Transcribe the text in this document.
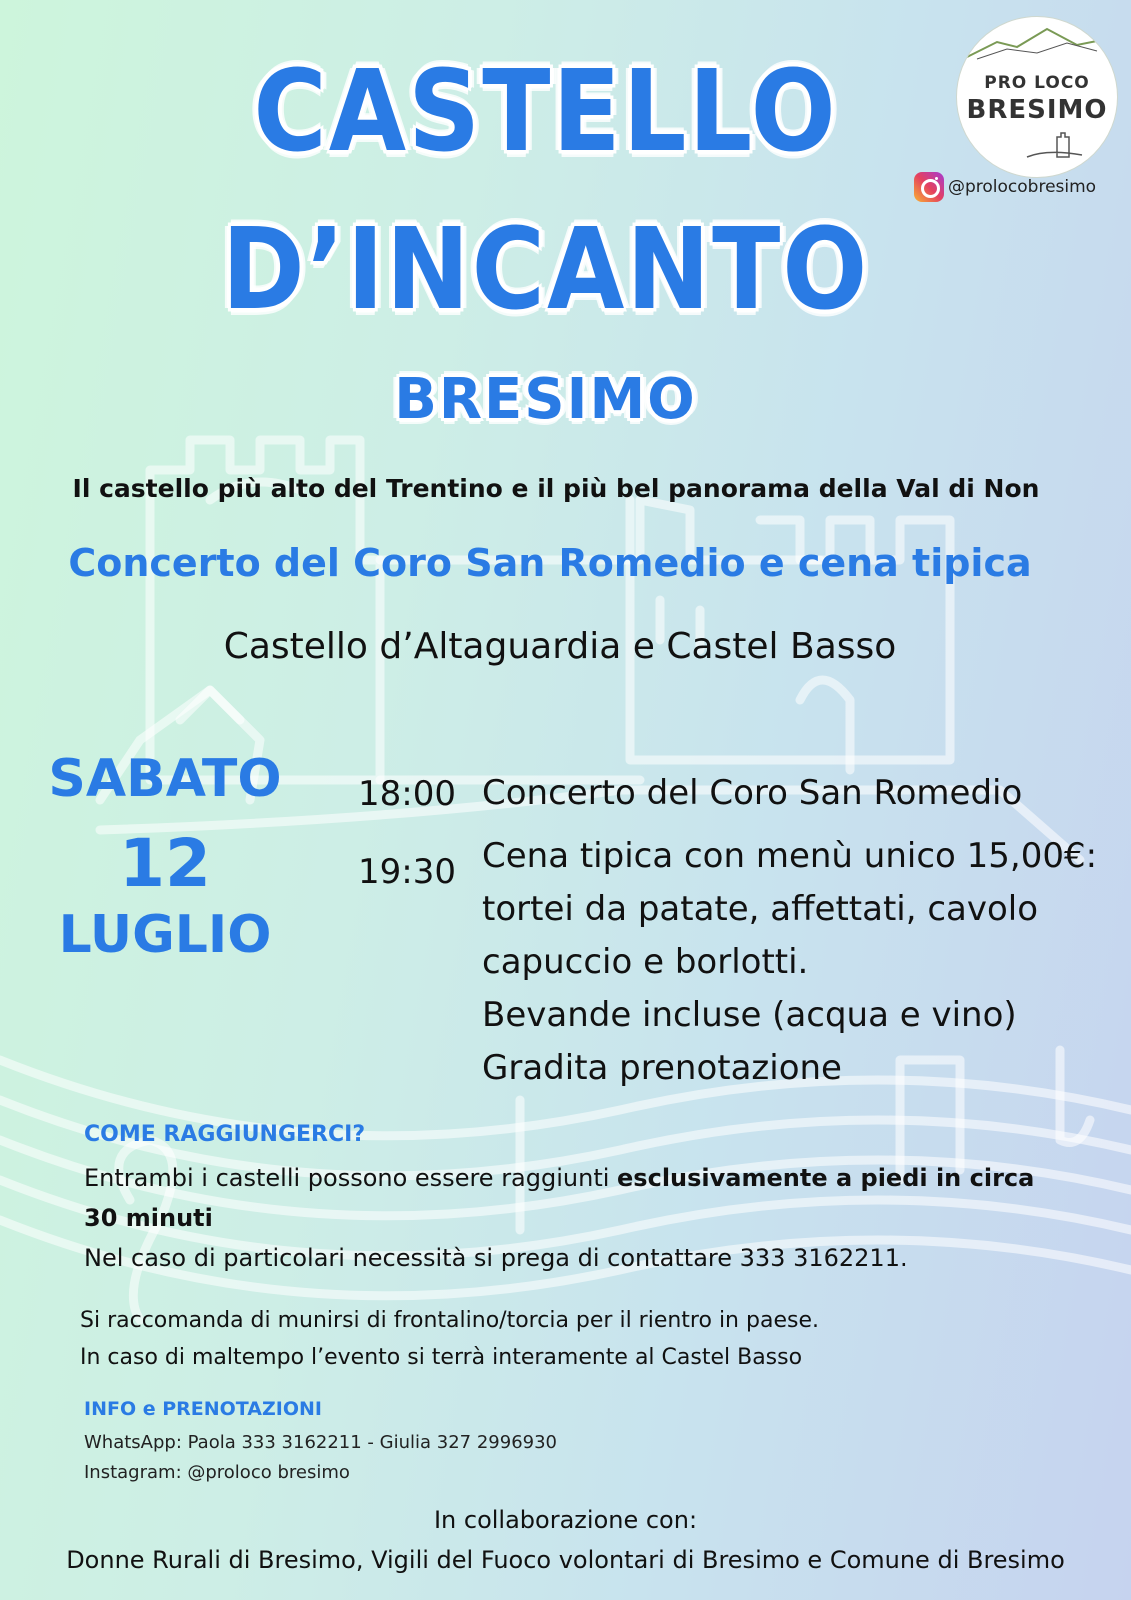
CASTELLO
D’INCANTO
BRESIMO
PRO LOCO
BRESIMO
@prolocobresimo
Il castello più alto del Trentino e il più bel panorama della Val di Non
Concerto del Coro San Romedio e cena tipica
Castello d’Altaguardia e Castel Basso
SABATO
12
LUGLIO
18:00 Concerto del Coro San Romedio
19:30 Cena tipica con menù unico 15,00€:
tortei da patate, affettati, cavolo
capuccio e borlotti.
Bevande incluse (acqua e vino)
Gradita prenotazione
COME RAGGIUNGERCI?
Entrambi i castelli possono essere raggiunti esclusivamente a piedi in circa 30 minuti
Nel caso di particolari necessità si prega di contattare 333 3162211.
Si raccomanda di munirsi di frontalino/torcia per il rientro in paese.
In caso di maltempo l’evento si terrà interamente al Castel Basso
INFO e PRENOTAZIONI
WhatsApp: Paola 333 3162211 - Giulia 327 2996930
Instagram: @proloco bresimo
In collaborazione con:
Donne Rurali di Bresimo, Vigili del Fuoco volontari di Bresimo e Comune di Bresimo
